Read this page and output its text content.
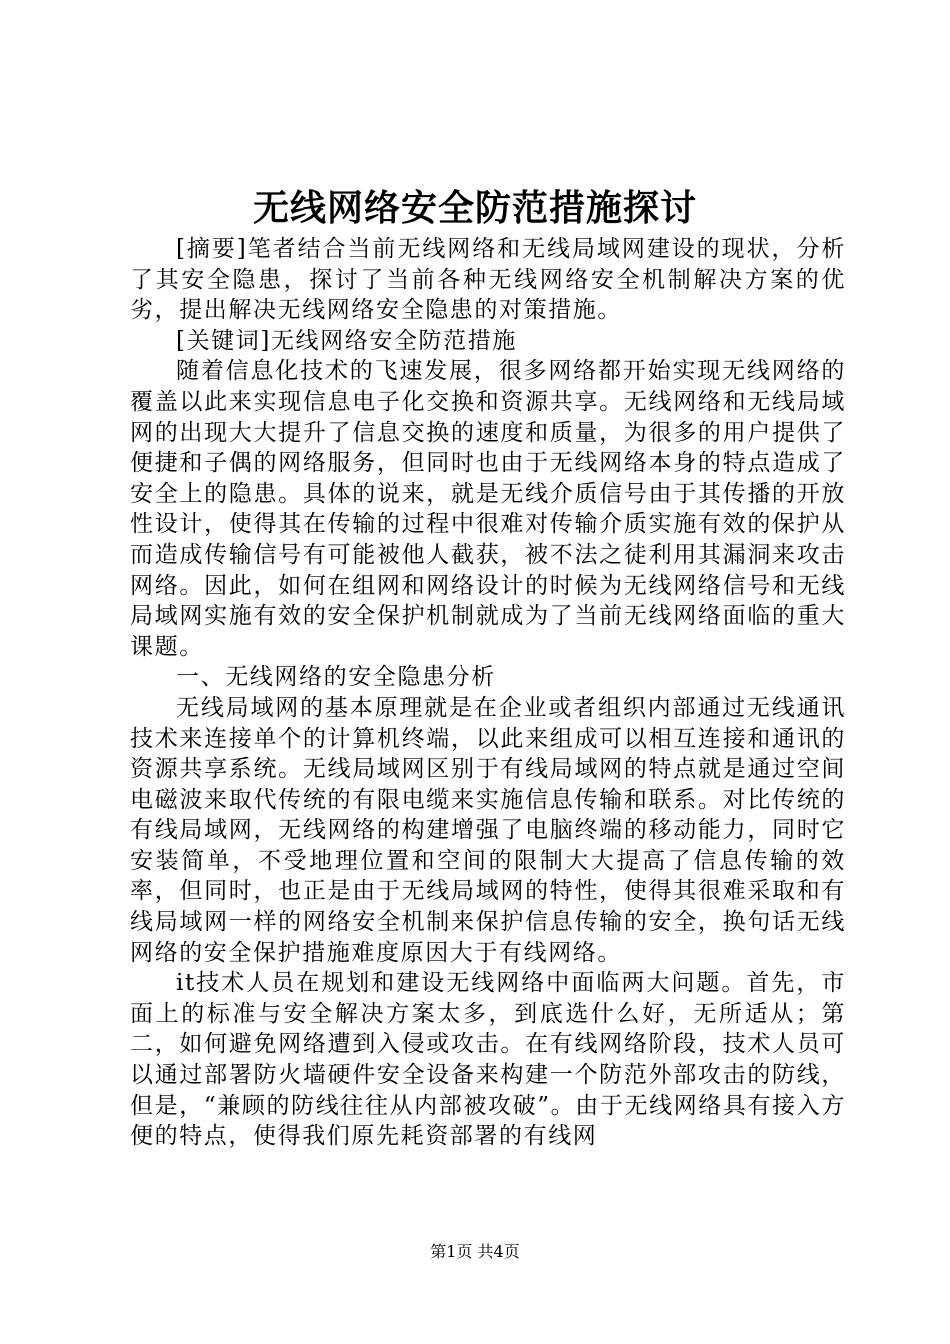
无线网络安全防范措施探讨

[摘要]笔者结合当前无线网络和无线局域网建设的现状，分析了其安全隐患，探讨了当前各种无线网络安全机制解决方案的优劣，提出解决无线网络安全隐患的对策措施。

[关键词]无线网络安全防范措施

随着信息化技术的飞速发展，很多网络都开始实现无线网络的覆盖以此来实现信息电子化交换和资源共享。无线网络和无线局域网的出现大大提升了信息交换的速度和质量，为很多的用户提供了便捷和子偶的网络服务，但同时也由于无线网络本身的特点造成了安全上的隐患。具体的说来，就是无线介质信号由于其传播的开放性设计，使得其在传输的过程中很难对传输介质实施有效的保护从而造成传输信号有可能被他人截获，被不法之徒利用其漏洞来攻击网络。因此，如何在组网和网络设计的时候为无线网络信号和无线局域网实施有效的安全保护机制就成为了当前无线网络面临的重大课题。

一、无线网络的安全隐患分析

无线局域网的基本原理就是在企业或者组织内部通过无线通讯技术来连接单个的计算机终端，以此来组成可以相互连接和通讯的资源共享系统。无线局域网区别于有线局域网的特点就是通过空间电磁波来取代传统的有限电缆来实施信息传输和联系。对比传统的有线局域网，无线网络的构建增强了电脑终端的移动能力，同时它安装简单，不受地理位置和空间的限制大大提高了信息传输的效率，但同时，也正是由于无线局域网的特性，使得其很难采取和有线局域网一样的网络安全机制来保护信息传输的安全，换句话无线网络的安全保护措施难度原因大于有线网络。

it技术人员在规划和建设无线网络中面临两大问题。首先，市面上的标准与安全解决方案太多，到底选什么好，无所适从；第二，如何避免网络遭到入侵或攻击。在有线网络阶段，技术人员可以通过部署防火墙硬件安全设备来构建一个防范外部攻击的防线，但是，“兼顾的防线往往从内部被攻破”。由于无线网络具有接入方便的特点，使得我们原先耗资部署的有线网

第1页 共4页
